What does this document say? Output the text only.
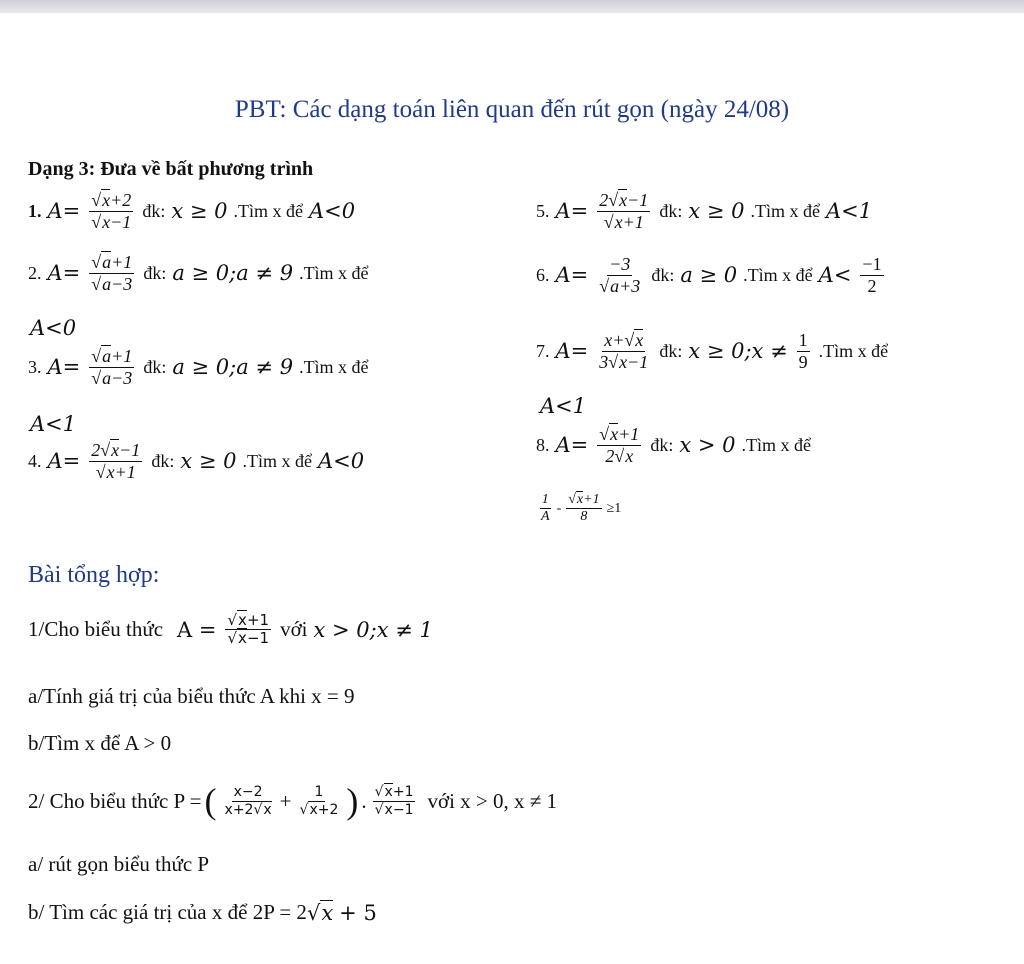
PBT: Các dạng toán liên quan đến rút gọn (ngày 24/08)
Dạng 3: Đưa về bất phương trình
1. $A= \frac{√x+2}{√x-1}$ đk: x ≥ 0 .Tìm x để A<0
2. $A= \frac{√a+1}{√a-3}$ đk: a ≥ 0;a ≠ 9 .Tìm x để
A<0
3. $A= \frac{√a+1}{√a-3}$ đk: a ≥ 0;a ≠ 9 .Tìm x để
A<1
4. $A= \frac{2√x-1}{√x+1}$ đk: x ≥ 0 .Tìm x để A<0
5. $A= \frac{2√x-1}{√x+1}$ đk: x ≥ 0 .Tìm x để A<1
6. $A= \frac{-3}{√a+3}$ đk: a ≥ 0 .Tìm x để $A< \frac{-1}{2}$
7. $A= \frac{x+√x}{3√x-1}$ đk: x ≥ 0;x ≠ $\frac{1}{9}$ .Tìm x để
A<1
8. $A= \frac{√x+1}{2√x}$ đk: x > 0 .Tìm x để
$\frac{1}{A} - \frac{√x+1}{8} \ge 1$
Bài tổng hợp:
1/Cho biểu thức $A = \frac{√x+1}{√x-1}$ với x > 0;x ≠ 1
a/Tính giá trị của biểu thức A khi x = 9
b/Tìm x để A > 0
2/ Cho biểu thức P = ( $\frac{x-2}{x+2√x} + \frac{1}{√x+2}$ ) . $\frac{√x+1}{√x-1}$ với x > 0, x ≠ 1
a/ rút gọn biểu thức P
b/ Tìm các giá trị của x để 2P = 2 √x + 5
